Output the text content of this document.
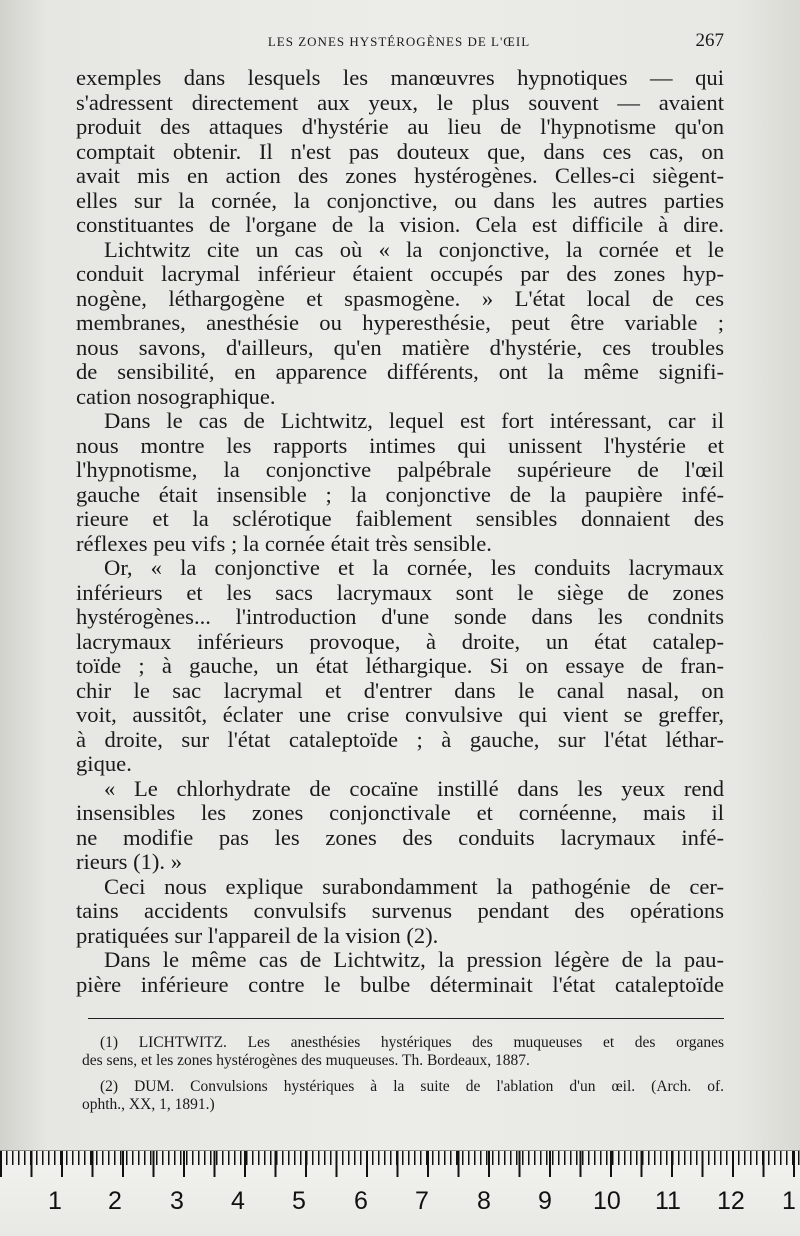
LES ZONES HYSTÉROGÈNES DE L'ŒIL	267
exemples dans lesquels les manœuvres hypnotiques — qui
s'adressent directement aux yeux, le plus souvent — avaient
produit des attaques d'hystérie au lieu de l'hypnotisme qu'on
comptait obtenir. Il n'est pas douteux que, dans ces cas, on
avait mis en action des zones hystérogènes. Celles-ci siègent-
elles sur la cornée, la conjonctive, ou dans les autres parties
constituantes de l'organe de la vision. Cela est difficile à dire.
Lichtwitz cite un cas où « la conjonctive, la cornée et le
conduit lacrymal inférieur étaient occupés par des zones hyp-
nogène, léthargogène et spasmogène. » L'état local de ces
membranes, anesthésie ou hyperesthésie, peut être variable ;
nous savons, d'ailleurs, qu'en matière d'hystérie, ces troubles
de sensibilité, en apparence différents, ont la même signifi-
cation nosographique.
Dans le cas de Lichtwitz, lequel est fort intéressant, car il
nous montre les rapports intimes qui unissent l'hystérie et
l'hypnotisme, la conjonctive palpébrale supérieure de l'œil
gauche était insensible ; la conjonctive de la paupière infé-
rieure et la sclérotique faiblement sensibles donnaient des
réflexes peu vifs ; la cornée était très sensible.
Or, « la conjonctive et la cornée, les conduits lacrymaux
inférieurs et les sacs lacrymaux sont le siège de zones
hystérogènes... l'introduction d'une sonde dans les condnits
lacrymaux inférieurs provoque, à droite, un état catalep-
toïde ; à gauche, un état léthargique. Si on essaye de fran-
chir le sac lacrymal et d'entrer dans le canal nasal, on
voit, aussitôt, éclater une crise convulsive qui vient se greffer,
à droite, sur l'état cataleptoïde ; à gauche, sur l'état léthar-
gique.
« Le chlorhydrate de cocaïne instillé dans les yeux rend
insensibles les zones conjonctivale et cornéenne, mais il
ne modifie pas les zones des conduits lacrymaux infé-
rieurs (1). »
Ceci nous explique surabondamment la pathogénie de cer-
tains accidents convulsifs survenus pendant des opérations
pratiquées sur l'appareil de la vision (2).
Dans le même cas de Lichtwitz, la pression légère de la pau-
pière inférieure contre le bulbe déterminait l'état cataleptoïde
(1) LICHTWITZ. Les anesthésies hystériques des muqueuses et des organes
des sens, et les zones hystérogènes des muqueuses. Th. Bordeaux, 1887.
(2) DUM. Convulsions hystériques à la suite de l'ablation d'un œil. (Arch. of.
ophth., XX, 1, 1891.)
1 2 3 4 5 6 7 8 9 10 11 12 1
